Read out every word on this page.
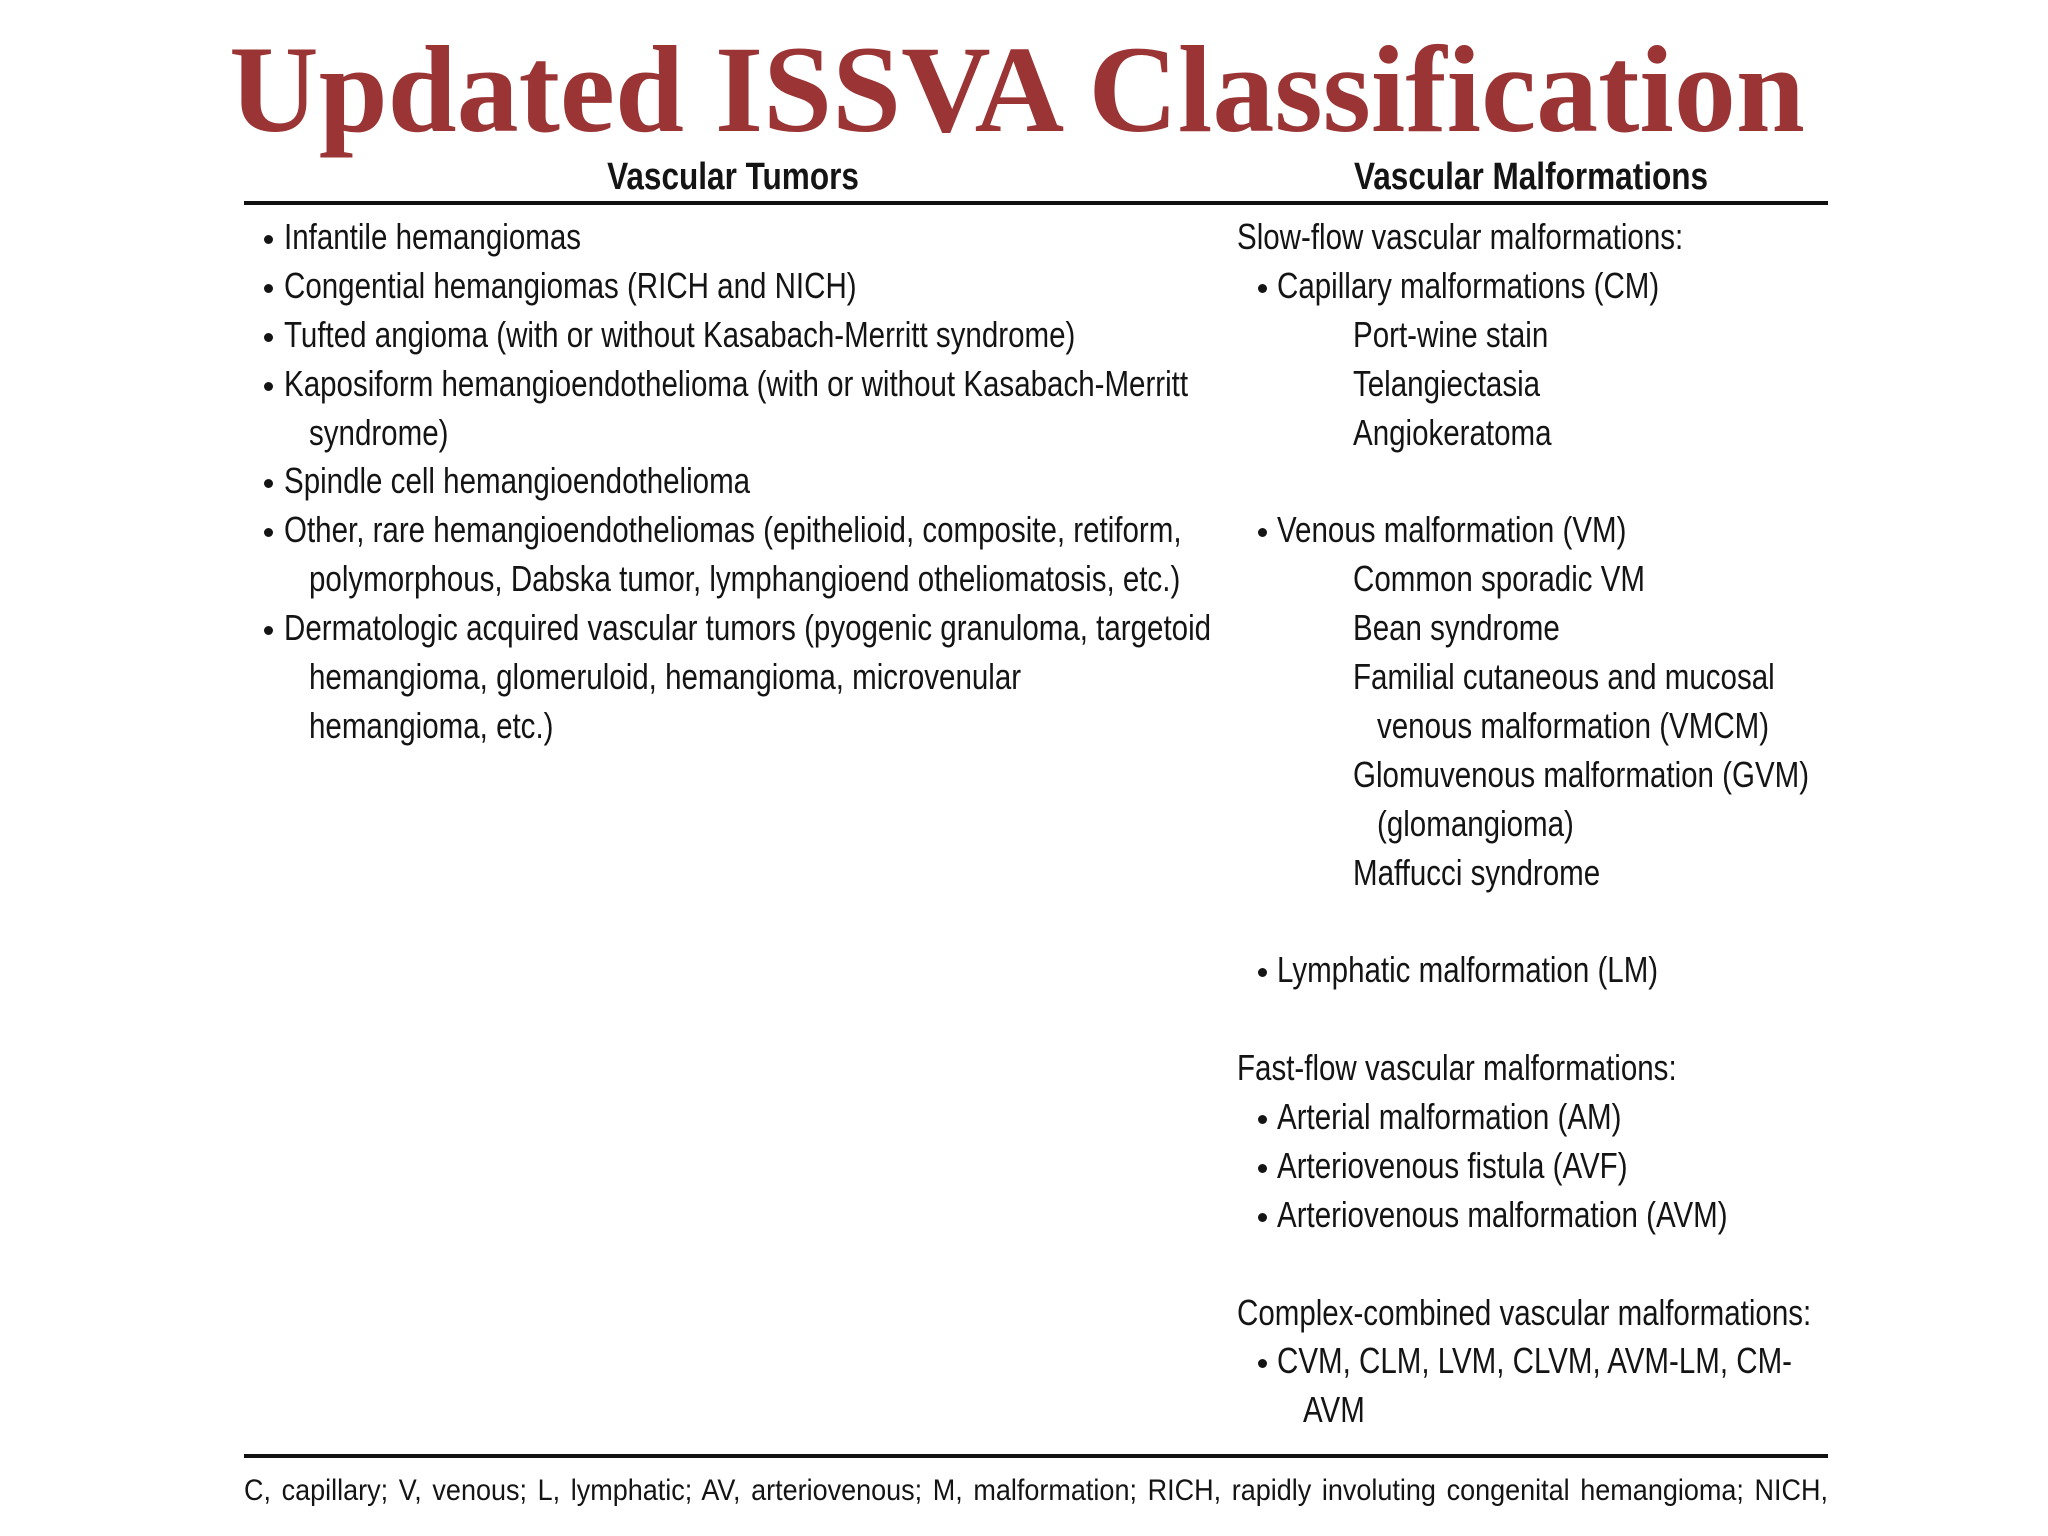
Updated ISSVA Classification
Vascular Tumors	Vascular Malformations
Infantile hemangiomas
Congential hemangiomas (RICH and NICH)
Tufted angioma (with or without Kasabach-Merritt syndrome)
Kaposiform hemangioendothelioma (with or without Kasabach-Merritt
syndrome)
Spindle cell hemangioendothelioma
Other, rare hemangioendotheliomas (epithelioid, composite, retiform,
polymorphous, Dabska tumor, lymphangioend otheliomatosis, etc.)
Dermatologic acquired vascular tumors (pyogenic granuloma, targetoid
hemangioma, glomeruloid, hemangioma, microvenular
hemangioma, etc.)
Slow-flow vascular malformations:
Capillary malformations (CM)
Port-wine stain
Telangiectasia
Angiokeratoma
Venous malformation (VM)
Common sporadic VM
Bean syndrome
Familial cutaneous and mucosal
venous malformation (VMCM)
Glomuvenous malformation (GVM)
(glomangioma)
Maffucci syndrome
Lymphatic malformation (LM)
Fast-flow vascular malformations:
Arterial malformation (AM)
Arteriovenous fistula (AVF)
Arteriovenous malformation (AVM)
Complex-combined vascular malformations:
CVM, CLM, LVM, CLVM, AVM-LM, CM-
AVM
C, capillary; V, venous; L, lymphatic; AV, arteriovenous; M, malformation; RICH, rapidly involuting congenital hemangioma; NICH,
